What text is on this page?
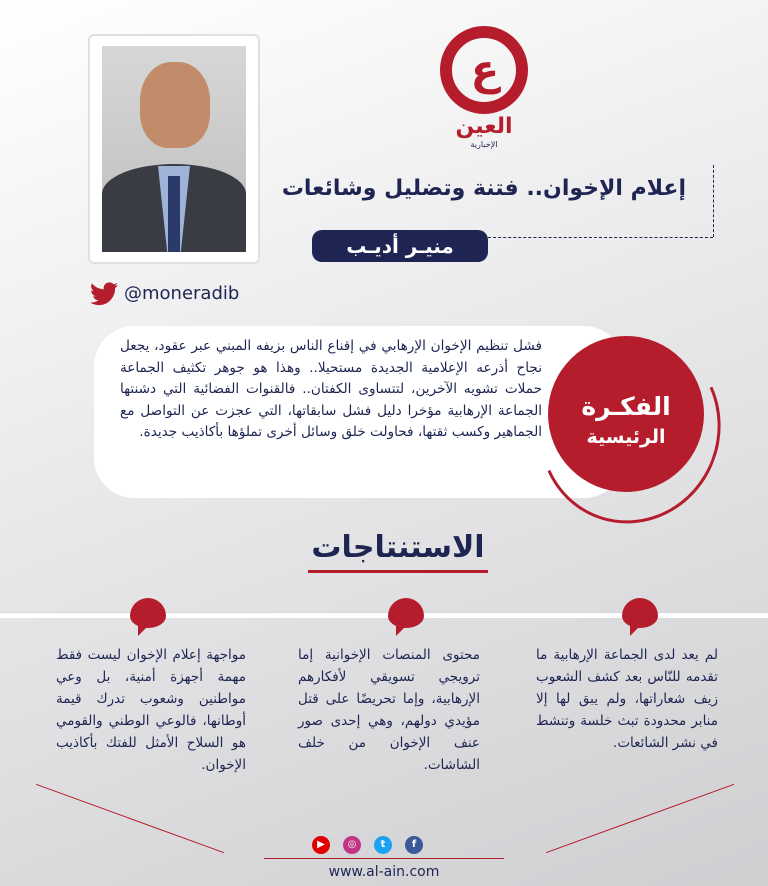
ع
العين
الإخبارية
إعلام الإخوان.. فتنة وتضليل وشائعات
منيـر أديـب
@moneradib
فشل تنظيم الإخوان الإرهابي في إقناع الناس بزيفه المبني عبر عقود، يجعل نجاح أذرعه الإعلامية الجديدة مستحيلا.. وهذا هو جوهر تكثيف الجماعة حملات تشويه الآخرين، لتتساوى الكفتان.. فالقنوات الفضائية التي دشنتها الجماعة الإرهابية مؤخرا دليل فشل سابقاتها، التي عجزت عن التواصل مع الجماهير وكسب ثقتها، فحاولت خلق وسائل أخرى تملؤها بأكاذيب جديدة.
الفكـرة
الرئيسية
الاستنتاجات
لم يعد لدى الجماعة الإرهابية ما تقدمه للنّاس بعد كشف الشعوب زيف شعاراتها، ولم يبق لها إلا منابر محدودة تبث خلسة وتنشط في نشر الشائعات.
محتوى المنصات الإخوانية إما ترويجي تسويقي لأفكارهم الإرهابية، وإما تحريضًا على قتل مؤيدي دولهم، وهي إحدى صور عنف الإخوان من خلف الشاشات.
مواجهة إعلام الإخوان ليست فقط مهمة أجهزة أمنية، بل وعي مواطنين وشعوب تدرك قيمة أوطانها، فالوعي الوطني والقومي هو السلاح الأمثل للفتك بأكاذيب الإخوان.
f
t
◎
▶
www.al-ain.com
